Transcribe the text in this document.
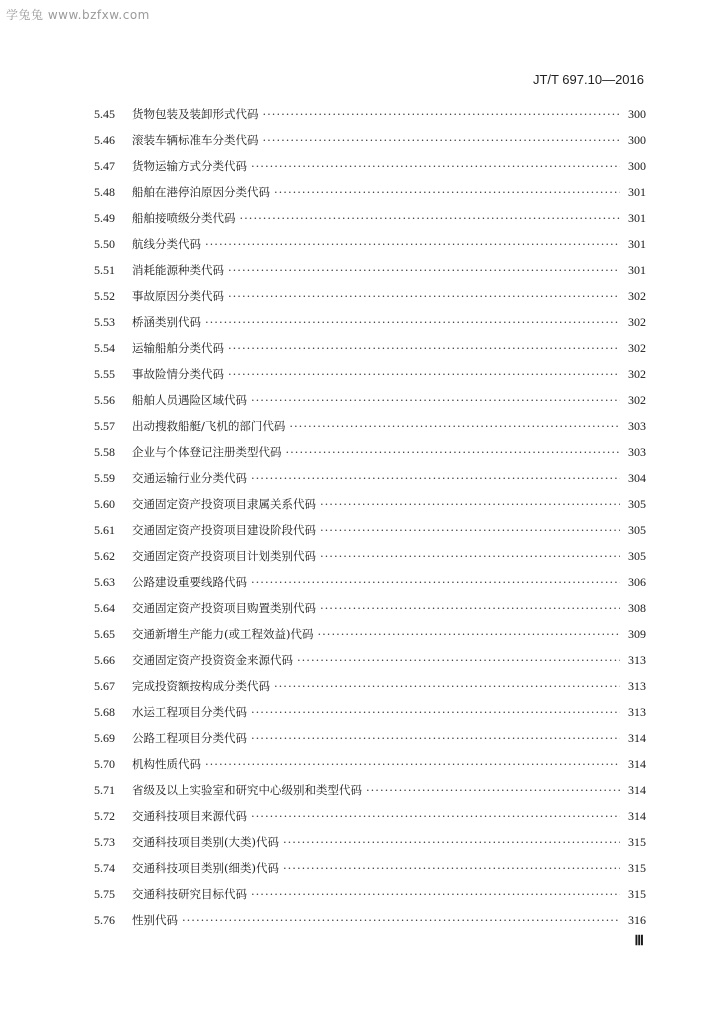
学兔兔 www.bzfxw.com
JT/T 697.10—2016
5.45	货物包装及装卸形式代码 ·····	300
5.46	滚装车辆标准车分类代码 ·····	300
5.47	货物运输方式分类代码 ·····	300
5.48	船舶在港停泊原因分类代码 ·····	301
5.49	船舶接喷级分类代码 ·····	301
5.50	航线分类代码 ·····	301
5.51	消耗能源种类代码 ·····	301
5.52	事故原因分类代码 ·····	302
5.53	桥涵类别代码 ·····	302
5.54	运输船舶分类代码 ·····	302
5.55	事故险情分类代码 ·····	302
5.56	船舶人员遇险区域代码 ·····	302
5.57	出动搜救船艇/飞机的部门代码 ·····	303
5.58	企业与个体登记注册类型代码 ·····	303
5.59	交通运输行业分类代码 ·····	304
5.60	交通固定资产投资项目隶属关系代码 ·····	305
5.61	交通固定资产投资项目建设阶段代码 ·····	305
5.62	交通固定资产投资项目计划类别代码 ·····	305
5.63	公路建设重要线路代码 ·····	306
5.64	交通固定资产投资项目购置类别代码 ·····	308
5.65	交通新增生产能力(或工程效益)代码 ·····	309
5.66	交通固定资产投资资金来源代码 ·····	313
5.67	完成投资额按构成分类代码 ·····	313
5.68	水运工程项目分类代码 ·····	313
5.69	公路工程项目分类代码 ·····	314
5.70	机构性质代码 ·····	314
5.71	省级及以上实验室和研究中心级别和类型代码 ·····	314
5.72	交通科技项目来源代码 ·····	314
5.73	交通科技项目类别(大类)代码 ·····	315
5.74	交通科技项目类别(细类)代码 ·····	315
5.75	交通科技研究目标代码 ·····	315
5.76	性别代码 ·····	316
Ⅲ
